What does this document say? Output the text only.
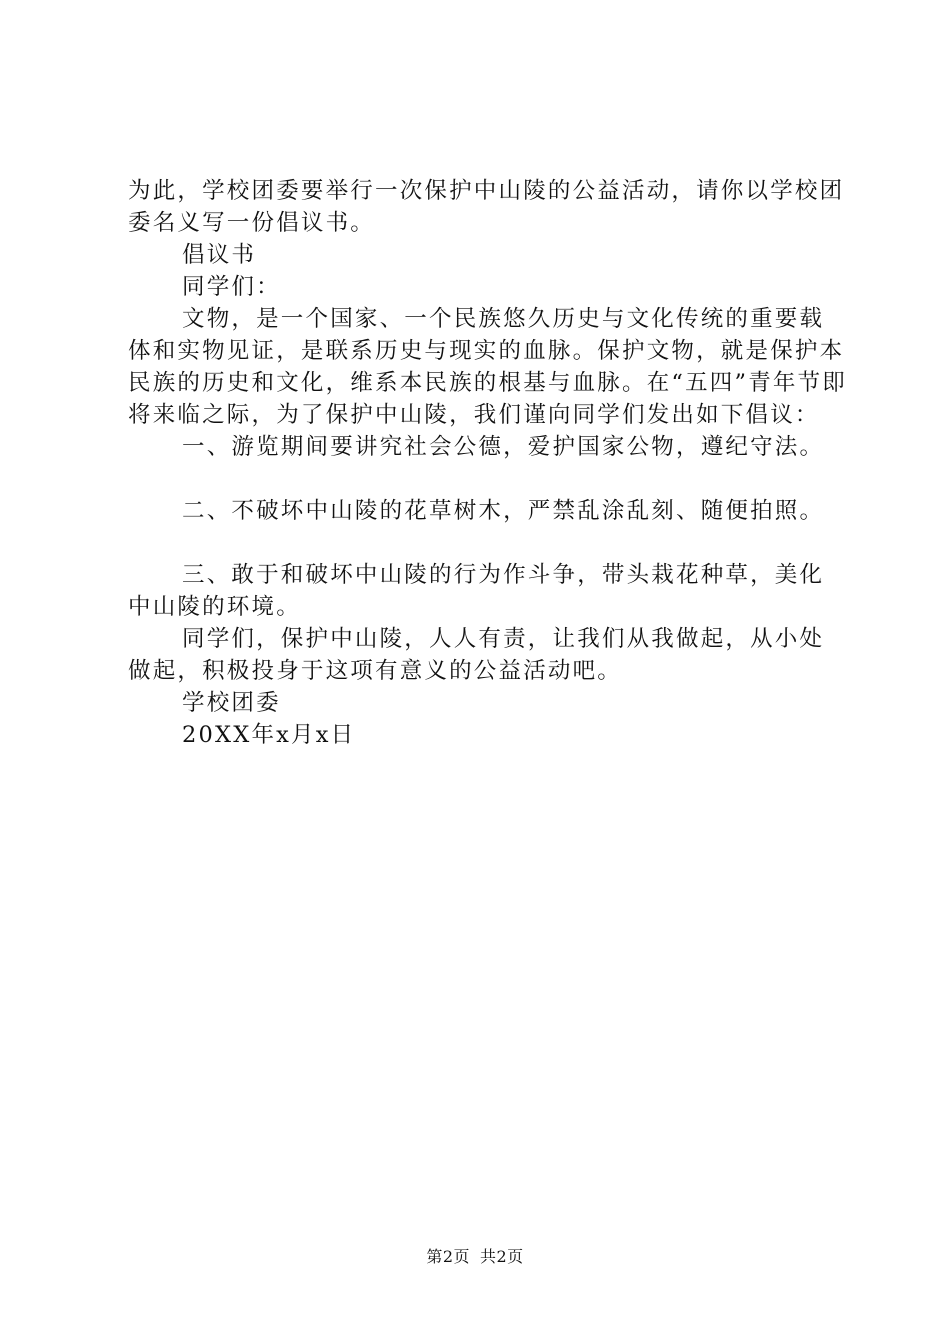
为此，学校团委要举行一次保护中山陵的公益活动，请你以学校团委名义写一份倡议书。

倡议书

同学们：

文物，是一个国家、一个民族悠久历史与文化传统的重要载体和实物见证，是联系历史与现实的血脉。保护文物，就是保护本民族的历史和文化，维系本民族的根基与血脉。在“五四”青年节即将来临之际，为了保护中山陵，我们谨向同学们发出如下倡议：

一、游览期间要讲究社会公德，爱护国家公物，遵纪守法。

二、不破坏中山陵的花草树木，严禁乱涂乱刻、随便拍照。

三、敢于和破坏中山陵的行为作斗争，带头栽花种草，美化中山陵的环境。

同学们，保护中山陵，人人有责，让我们从我做起，从小处做起，积极投身于这项有意义的公益活动吧。

学校团委

20XX年x月x日

第2页 共2页
